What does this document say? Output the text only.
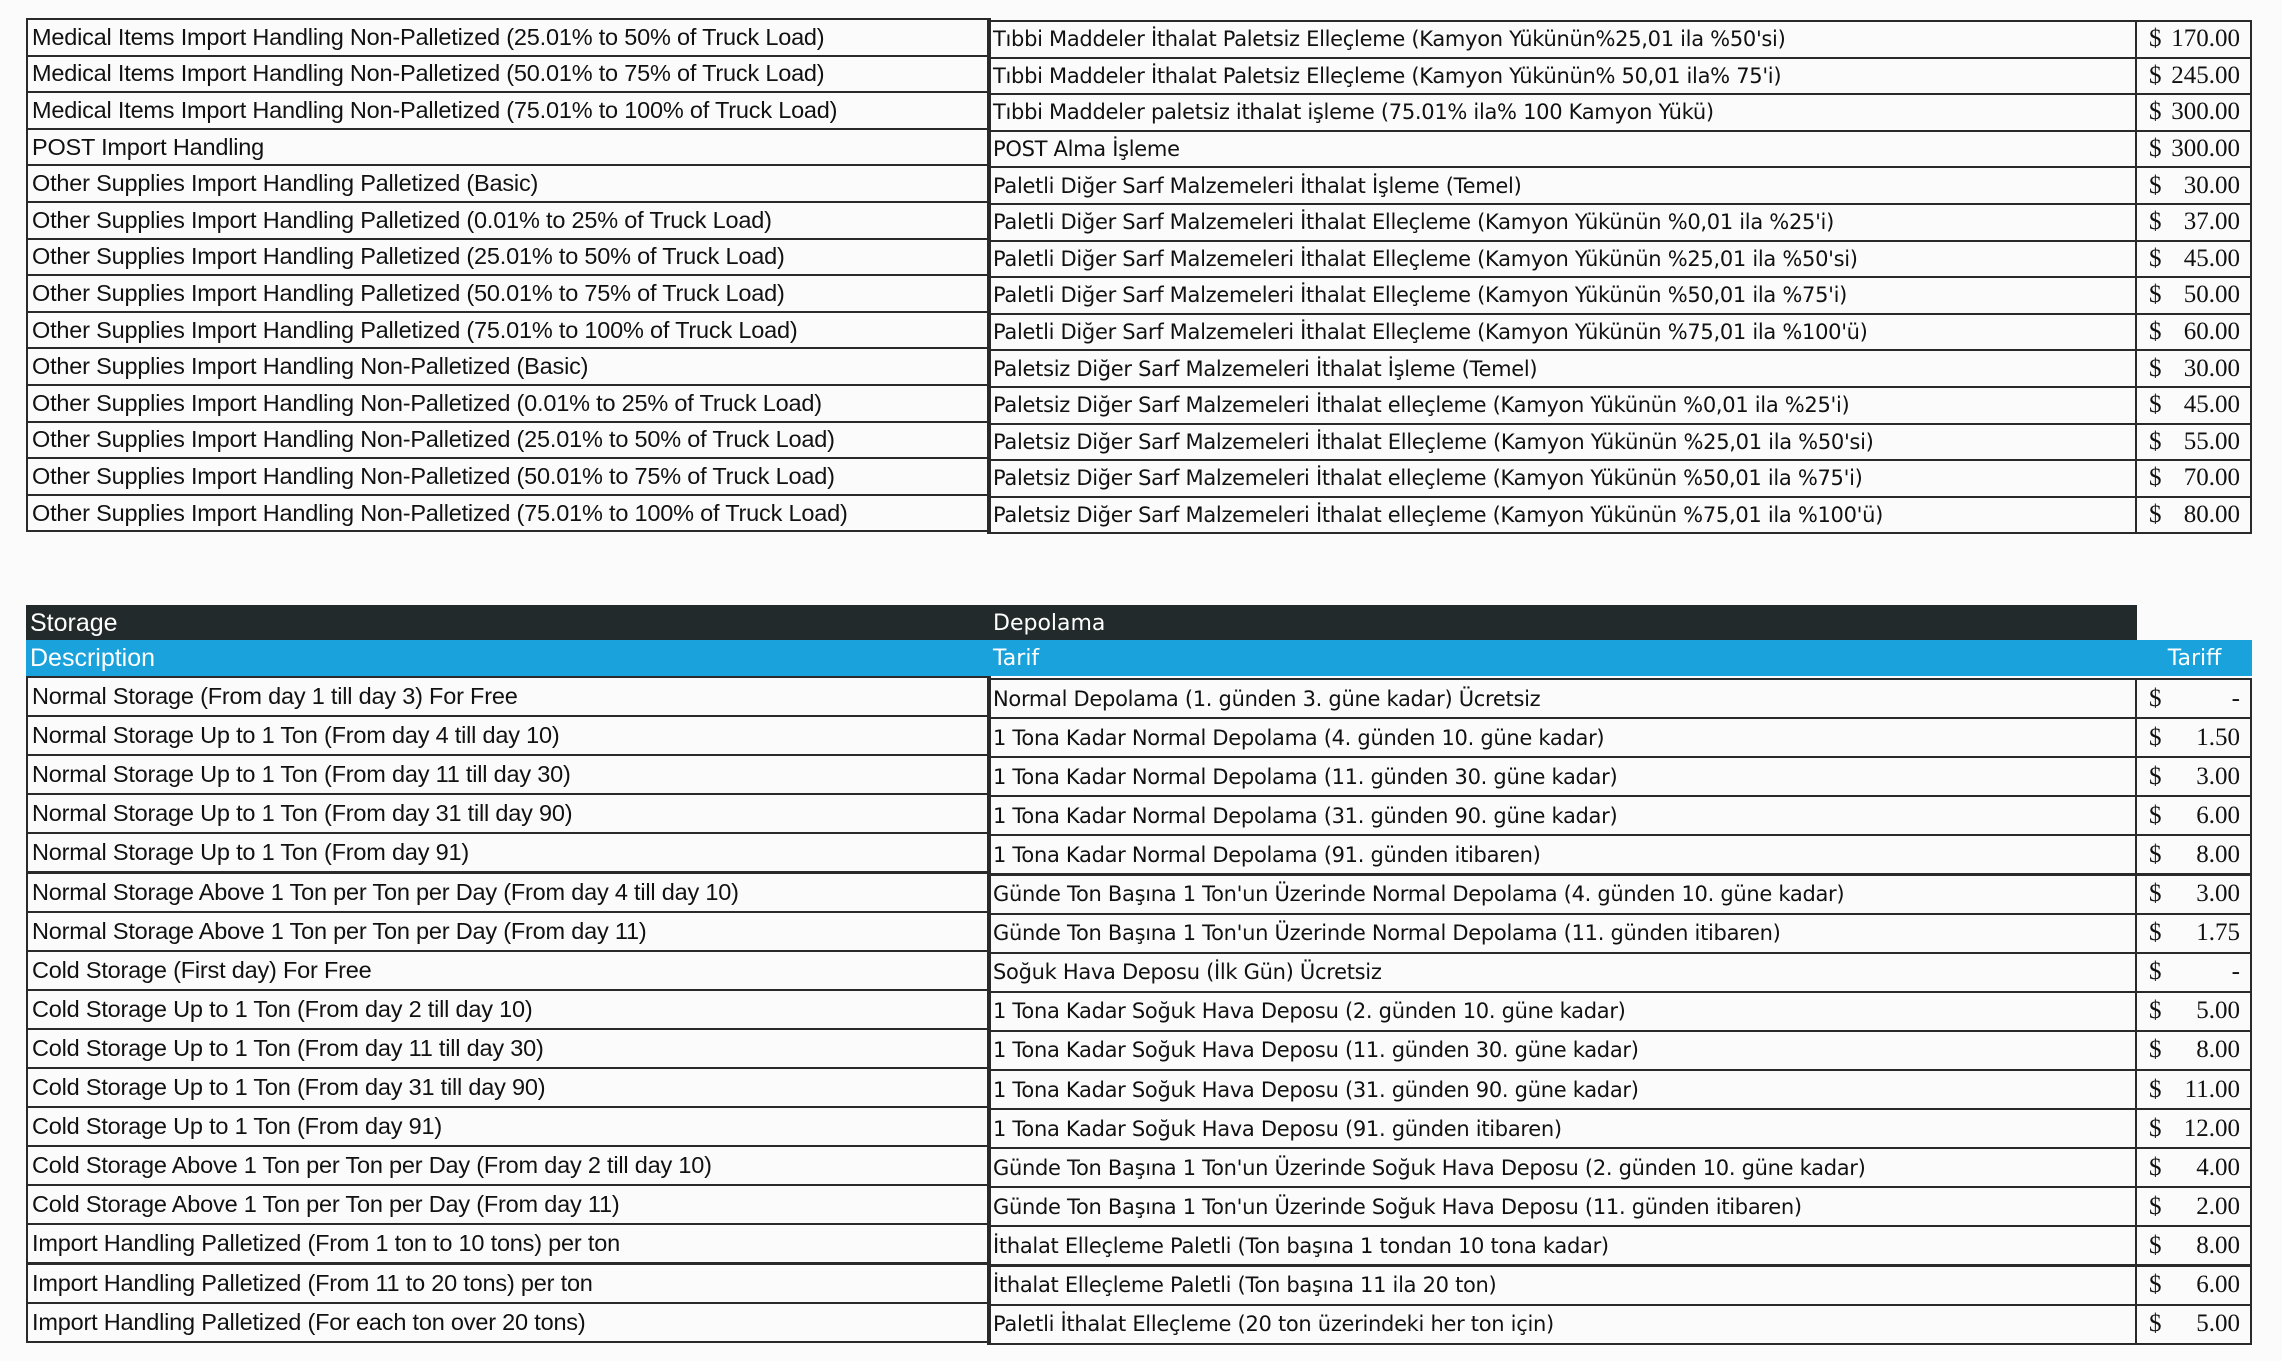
Medical Items Import Handling Non-Palletized (25.01% to 50% of Truck Load)	Tıbbi Maddeler İthalat Paletsiz Elleçleme (Kamyon Yükünün%25,01 ila %50'si)	$ 170.00
Medical Items Import Handling Non-Palletized (50.01% to 75% of Truck Load)	Tıbbi Maddeler İthalat Paletsiz Elleçleme (Kamyon Yükünün% 50,01 ila% 75'i)	$ 245.00
Medical Items Import Handling Non-Palletized (75.01% to 100% of Truck Load)	Tıbbi Maddeler paletsiz ithalat işleme (75.01% ila% 100 Kamyon Yükü)	$ 300.00
POST Import Handling	POST Alma İşleme	$ 300.00
Other Supplies Import Handling Palletized (Basic)	Paletli Diğer Sarf Malzemeleri İthalat İşleme (Temel)	$ 30.00
Other Supplies Import Handling Palletized (0.01% to 25% of Truck Load)	Paletli Diğer Sarf Malzemeleri İthalat Elleçleme (Kamyon Yükünün %0,01 ila %25'i)	$ 37.00
Other Supplies Import Handling Palletized (25.01% to 50% of Truck Load)	Paletli Diğer Sarf Malzemeleri İthalat Elleçleme (Kamyon Yükünün %25,01 ila %50'si)	$ 45.00
Other Supplies Import Handling Palletized (50.01% to 75% of Truck Load)	Paletli Diğer Sarf Malzemeleri İthalat Elleçleme (Kamyon Yükünün %50,01 ila %75'i)	$ 50.00
Other Supplies Import Handling Palletized (75.01% to 100% of Truck Load)	Paletli Diğer Sarf Malzemeleri İthalat Elleçleme (Kamyon Yükünün %75,01 ila %100'ü)	$ 60.00
Other Supplies Import Handling Non-Palletized (Basic)	Paletsiz Diğer Sarf Malzemeleri İthalat İşleme (Temel)	$ 30.00
Other Supplies Import Handling Non-Palletized (0.01% to 25% of Truck Load)	Paletsiz Diğer Sarf Malzemeleri İthalat elleçleme (Kamyon Yükünün %0,01 ila %25'i)	$ 45.00
Other Supplies Import Handling Non-Palletized (25.01% to 50% of Truck Load)	Paletsiz Diğer Sarf Malzemeleri İthalat Elleçleme (Kamyon Yükünün %25,01 ila %50'si)	$ 55.00
Other Supplies Import Handling Non-Palletized (50.01% to 75% of Truck Load)	Paletsiz Diğer Sarf Malzemeleri İthalat elleçleme (Kamyon Yükünün %50,01 ila %75'i)	$ 70.00
Other Supplies Import Handling Non-Palletized (75.01% to 100% of Truck Load)	Paletsiz Diğer Sarf Malzemeleri İthalat elleçleme (Kamyon Yükünün %75,01 ila %100'ü)	$ 80.00
Storage	Depolama
Description	Tarif	Tariff
Normal Storage (From day 1 till day 3) For Free	Normal Depolama (1. günden 3. güne kadar) Ücretsiz	$	-
Normal Storage Up to 1 Ton (From day 4 till day 10)	1 Tona Kadar Normal Depolama (4. günden 10. güne kadar)	$ 1.50
Normal Storage Up to 1 Ton (From day 11 till day 30)	1 Tona Kadar Normal Depolama (11. günden 30. güne kadar)	$ 3.00
Normal Storage Up to 1 Ton (From day 31 till day 90)	1 Tona Kadar Normal Depolama (31. günden 90. güne kadar)	$ 6.00
Normal Storage Up to 1 Ton (From day 91)	1 Tona Kadar Normal Depolama (91. günden itibaren)	$ 8.00
Normal Storage Above 1 Ton per Ton per Day (From day 4 till day 10)	Günde Ton Başına 1 Ton'un Üzerinde Normal Depolama (4. günden 10. güne kadar)	$ 3.00
Normal Storage Above 1 Ton per Ton per Day (From day 11)	Günde Ton Başına 1 Ton'un Üzerinde Normal Depolama (11. günden itibaren)	$ 1.75
Cold Storage (First day) For Free	Soğuk Hava Deposu (İlk Gün) Ücretsiz	$	-
Cold Storage Up to 1 Ton (From day 2 till day 10)	1 Tona Kadar Soğuk Hava Deposu (2. günden 10. güne kadar)	$ 5.00
Cold Storage Up to 1 Ton (From day 11 till day 30)	1 Tona Kadar Soğuk Hava Deposu (11. günden 30. güne kadar)	$ 8.00
Cold Storage Up to 1 Ton (From day 31 till day 90)	1 Tona Kadar Soğuk Hava Deposu (31. günden 90. güne kadar)	$ 11.00
Cold Storage Up to 1 Ton (From day 91)	1 Tona Kadar Soğuk Hava Deposu (91. günden itibaren)	$ 12.00
Cold Storage Above 1 Ton per Ton per Day (From day 2 till day 10)	Günde Ton Başına 1 Ton'un Üzerinde Soğuk Hava Deposu (2. günden 10. güne kadar)	$ 4.00
Cold Storage Above 1 Ton per Ton per Day (From day 11)	Günde Ton Başına 1 Ton'un Üzerinde Soğuk Hava Deposu (11. günden itibaren)	$ 2.00
Import Handling Palletized (From 1 ton to 10 tons) per ton	İthalat Elleçleme Paletli (Ton başına 1 tondan 10 tona kadar)	$ 8.00
Import Handling Palletized (From 11 to 20 tons) per ton	İthalat Elleçleme Paletli (Ton başına 11 ila 20 ton)	$ 6.00
Import Handling Palletized (For each ton over 20 tons)	Paletli İthalat Elleçleme (20 ton üzerindeki her ton için)	$ 5.00
